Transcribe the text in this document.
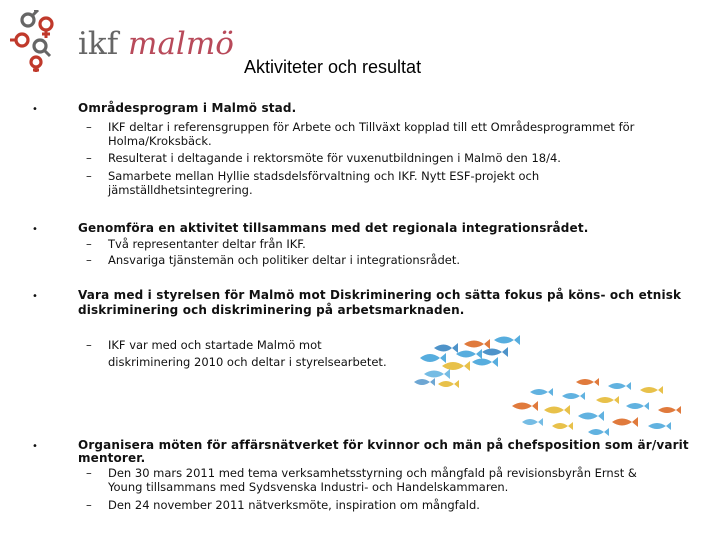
ikf malmö
Aktiviteter och resultat
•	Områdesprogram i Malmö stad.
– IKF deltar i referensgruppen för Arbete och Tillväxt kopplad till ett Områdesprogrammet för
Holma/Kroksbäck.
– Resulterat i deltagande i rektorsmöte för vuxenutbildningen i Malmö den 18/4.
– Samarbete mellan Hyllie stadsdelsförvaltning och IKF. Nytt ESF-projekt och
jämställdhetsintegrering.
•	Genomföra en aktivitet tillsammans med det regionala integrationsrådet.
– Två representanter deltar från IKF.
– Ansvariga tjänstemän och politiker deltar i integrationsrådet.
•	Vara med i styrelsen för Malmö mot Diskriminering och sätta fokus på köns- och etnisk
diskriminering och diskriminering på arbetsmarknaden.
– IKF var med och startade Malmö mot
diskriminering 2010 och deltar i styrelsearbetet.
•	Organisera möten för affärsnätverket för kvinnor och män på chefsposition som är/varit
mentorer.
– Den 30 mars 2011 med tema verksamhetsstyrning och mångfald på revisionsbyrån Ernst &
Young tillsammans med Sydsvenska Industri- och Handelskammaren.
– Den 24 november 2011 nätverksmöte, inspiration om mångfald.
